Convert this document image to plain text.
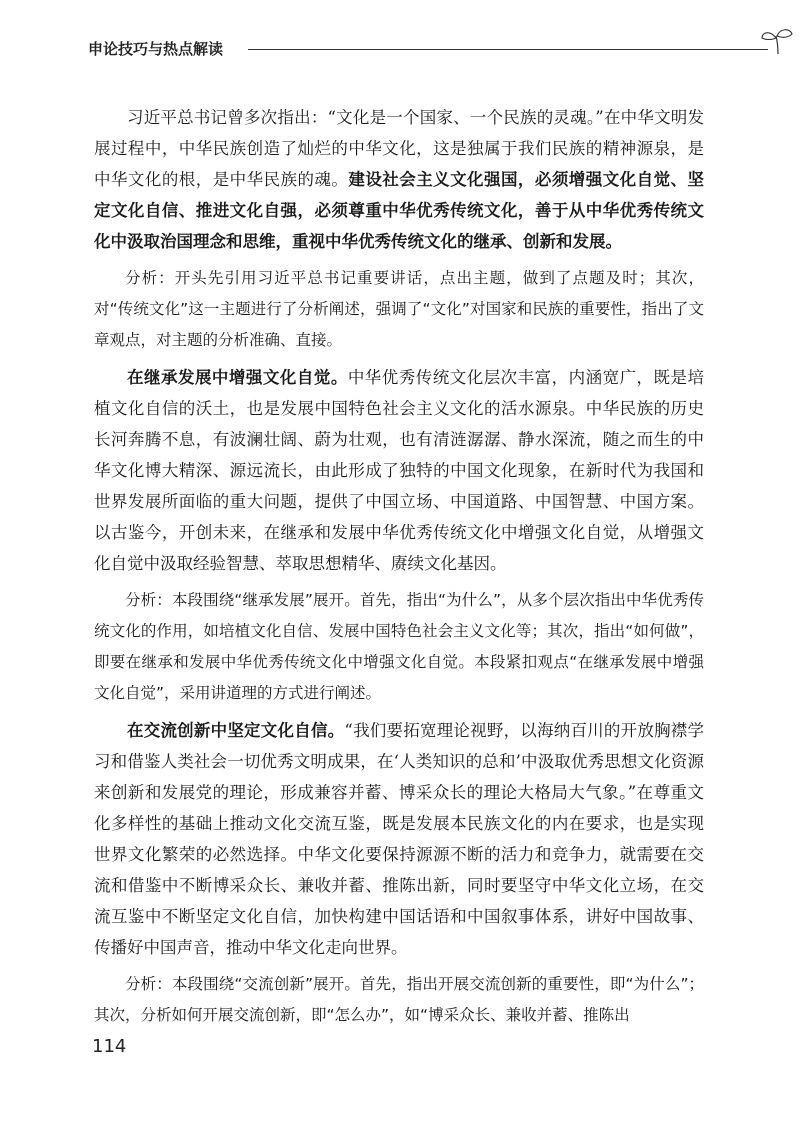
申论技巧与热点解读

习近平总书记曾多次指出：“文化是一个国家、一个民族的灵魂。”在中华文明发展过程中，中华民族创造了灿烂的中华文化，这是独属于我们民族的精神源泉，是中华文化的根，是中华民族的魂。建设社会主义文化强国，必须增强文化自觉、坚定文化自信、推进文化自强，必须尊重中华优秀传统文化，善于从中华优秀传统文化中汲取治国理念和思维，重视中华优秀传统文化的继承、创新和发展。

分析：开头先引用习近平总书记重要讲话，点出主题，做到了点题及时；其次，对“传统文化”这一主题进行了分析阐述，强调了“文化”对国家和民族的重要性，指出了文章观点，对主题的分析准确、直接。

在继承发展中增强文化自觉。中华优秀传统文化层次丰富，内涵宽广，既是培植文化自信的沃土，也是发展中国特色社会主义文化的活水源泉。中华民族的历史长河奔腾不息，有波澜壮阔、蔚为壮观，也有清涟潺潺、静水深流，随之而生的中华文化博大精深、源远流长，由此形成了独特的中国文化现象，在新时代为我国和世界发展所面临的重大问题，提供了中国立场、中国道路、中国智慧、中国方案。以古鉴今，开创未来，在继承和发展中华优秀传统文化中增强文化自觉，从增强文化自觉中汲取经验智慧、萃取思想精华、赓续文化基因。

分析：本段围绕“继承发展”展开。首先，指出“为什么”，从多个层次指出中华优秀传统文化的作用，如培植文化自信、发展中国特色社会主义文化等；其次，指出“如何做”，即要在继承和发展中华优秀传统文化中增强文化自觉。本段紧扣观点“在继承发展中增强文化自觉”，采用讲道理的方式进行阐述。

在交流创新中坚定文化自信。“我们要拓宽理论视野，以海纳百川的开放胸襟学习和借鉴人类社会一切优秀文明成果，在‘人类知识的总和’中汲取优秀思想文化资源来创新和发展党的理论，形成兼容并蓄、博采众长的理论大格局大气象。”在尊重文化多样性的基础上推动文化交流互鉴，既是发展本民族文化的内在要求，也是实现世界文化繁荣的必然选择。中华文化要保持源源不断的活力和竞争力，就需要在交流和借鉴中不断博采众长、兼收并蓄、推陈出新，同时要坚守中华文化立场，在交流互鉴中不断坚定文化自信，加快构建中国话语和中国叙事体系，讲好中国故事、传播好中国声音，推动中华文化走向世界。

分析：本段围绕“交流创新”展开。首先，指出开展交流创新的重要性，即“为什么”；其次，分析如何开展交流创新，即“怎么办”，如“博采众长、兼收并蓄、推陈出

114
